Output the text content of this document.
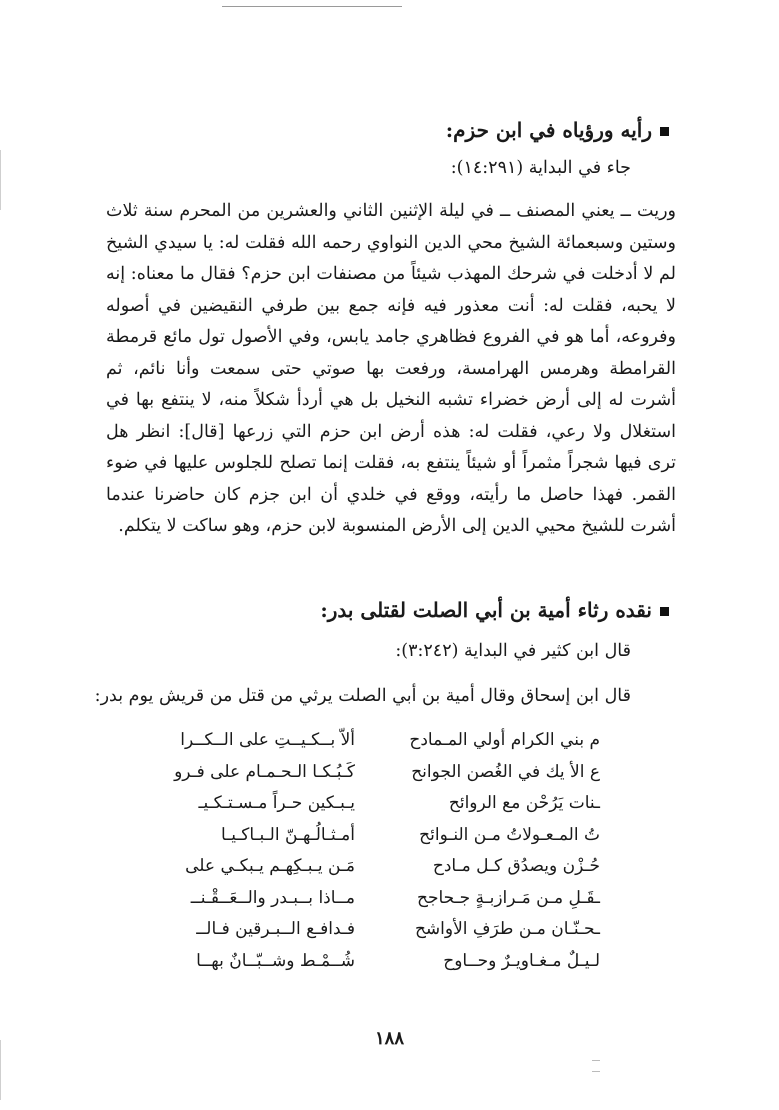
رأيه ورؤياه في ابن حزم:
جاء في البداية (١٤:٢٩١):
وريت ــ يعني المصنف ــ في ليلة الإثنين الثاني والعشرين من المحرم سنة ثلاث وستين وسبعمائة الشيخ محي الدين النواوي رحمه الله فقلت له: يا سيدي الشيخ لم لا أدخلت في شرحك المهذب شيئاً من مصنفات ابن حزم؟ فقال ما معناه: إنه لا يحبه، فقلت له: أنت معذور فيه فإنه جمع بين طرفي النقيضين في أصوله وفروعه، أما هو في الفروع فظاهري جامد يابس، وفي الأصول تول مائع قرمطة القرامطة وهرمس الهرامسة، ورفعت بها صوتي حتى سمعت وأنا نائم، ثم أشرت له إلى أرض خضراء تشبه النخيل بل هي أردأ شكلاً منه، لا ينتفع بها في استغلال ولا رعي، فقلت له: هذه أرض ابن حزم التي زرعها [قال]: انظر هل ترى فيها شجراً مثمراً أو شيئاً ينتفع به، فقلت إنما تصلح للجلوس عليها في ضوء القمر. فهذا حاصل ما رأيته، ووقع في خلدي أن ابن جزم كان حاضرنا عندما أشرت للشيخ محيي الدين إلى الأرض المنسوبة لابن حزم، وهو ساكت لا يتكلم.
نقده رثاء أمية بن أبي الصلت لقتلى بدر:
قال ابن كثير في البداية (٣:٢٤٢):
قال ابن إسحاق وقال أمية بن أبي الصلت يرثي من قتل من قريش يوم بدر:
ألاّ بــكـيــتِ على الــكــرا	م بني الكرام أولي المـمادح
كَـبُـكـا الـحـمـام على فـرو	ع الأ يك في الغُصن الجوانح
يـبـكين حـراً مـسـتـكـيـ	ـنات يَرُحْن مع الروائح
أمـثـالُـهـنّ الـبـاكـيـا	تُ المـعـولاتُ مـن النـوائح
مَـن يـبـكِهـم يـبكـي على	حُـزْن ويصدُق كـل مـادح
مــاذا بــبـدر والــعَــقْـنــ	ـقَـلِ مـن مَـرازبـةٍ جـحاجح
فـدافـع الــبـرقين فـالــ	ـحـنّـان مـن طرَفِ الأواشح
شُــمْـط وشــبّــانٌ بهــا	لـيـلٌ مـغـاويـرٌ وحــاوح
١٨٨
